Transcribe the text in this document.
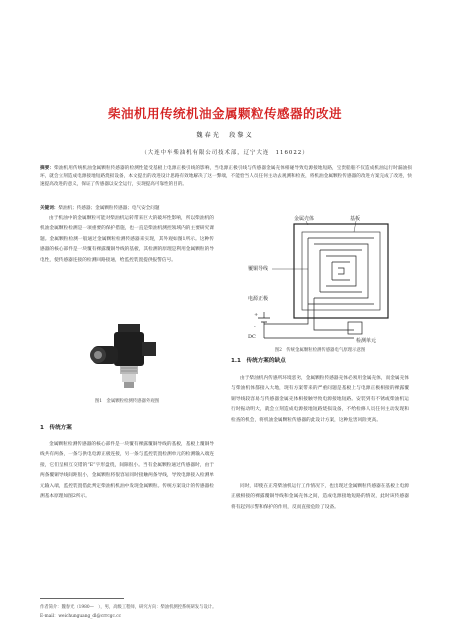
柴油机用传统机油金属颗粒传感器的改进
魏春光　段黎义
（大连中车柴油机有限公司技术部，辽宁大连　116022）
摘要：柴油机用传统机油金属颗粒传感器的检测性能受基板上电源正极引线的影响，当电源正极引线与传感器金属壳体相碰导致电源接地短路，宝贵船舶不仅造成机油运行时漏油损坏，就会立刻造成电源接地短路烧损设备，本文提出的改进设计思路有效地解决了这一弊端，不能恰当人员任何主动去观测和检查，将机油金属颗粒传感器的改进方案完成了改进，快速提高改进的意义，保证了传感器以安全运行，实现提高可靠性的目的。
关键词：柴油机；传感器；金属颗粒传感器；电气安全问题
由于机油中的金属颗粒可能对柴油机运转带来巨大的破坏性影响，所以柴油机的机油金属颗粒检测是一项重要的保护措施，也一直是柴油机测控领域内的主要研究课题。金属颗粒检测一般通过金属颗粒检测传感器来实现，其外观如图1所示。这种传感器的核心部件是一块覆有裸露覆铜导线的基板，其检测的原理是利用金属颗粒的导电性，使传感器连接的检测回路接通，给监控装置提供报警信号。
图1　金属颗粒检测传感器外观图
1　传统方案
金属颗粒检测传感器的核心部件是一块覆有裸露覆铜导线的基板，基板上覆铜导线共有两条，一条与供电电源正极连接，另一条与监控装置检测单元的检测输入端连接，它们呈相互交错的“E”字形盘绕，间隙很小。当有金属颗粒通过传感器时，由于两条覆铜导线间距很小，金属颗粒将很容易同时接触两条导线，导致电源接入检测单元输入端，监控装置借此判定柴油机机油中发现金属颗粒。传统方案设计的传感器检测基本原理如图2所示。
金属壳体	基板
覆铜导线
电源正极
+
-
DC
检测单元
图2　传统金属颗粒检测传感器电气原理示意图
1.1　传统方案的缺点
由于柴油机内传感所环境恶劣，金属颗粒传感器壳体必须用金属壳体，而金属壳体与柴油机体都接入大地，现有方案带来的严重问题是基板上与电源正极相接的裸露覆铜导线较容易与传感器金属壳体相接触导致电源接地短路。安装到有不锈或柴油机运行时振动明大，就会立刻造成电源接地短路烧损设备，不给检修人员任何主动发现和检查的机会，将机油金属颗粒传感器的此设计方案，这种危害风险更高。
同时，即使在正常柴油机运行工作情况下，也出现过金属颗粒传感器在基板上电源正极相接的裸露覆铜导线和金属壳体之间，造成电源接地短路的情况，此时该传感器将有起到示警和保护的作用，反而直接危险了设备。
作者简介：魏春光（1980—　），男，高级工程师，研究方向：柴油机测控系统研发与设计。
E-mail：weichunguang_dl@crrcgc.cc
